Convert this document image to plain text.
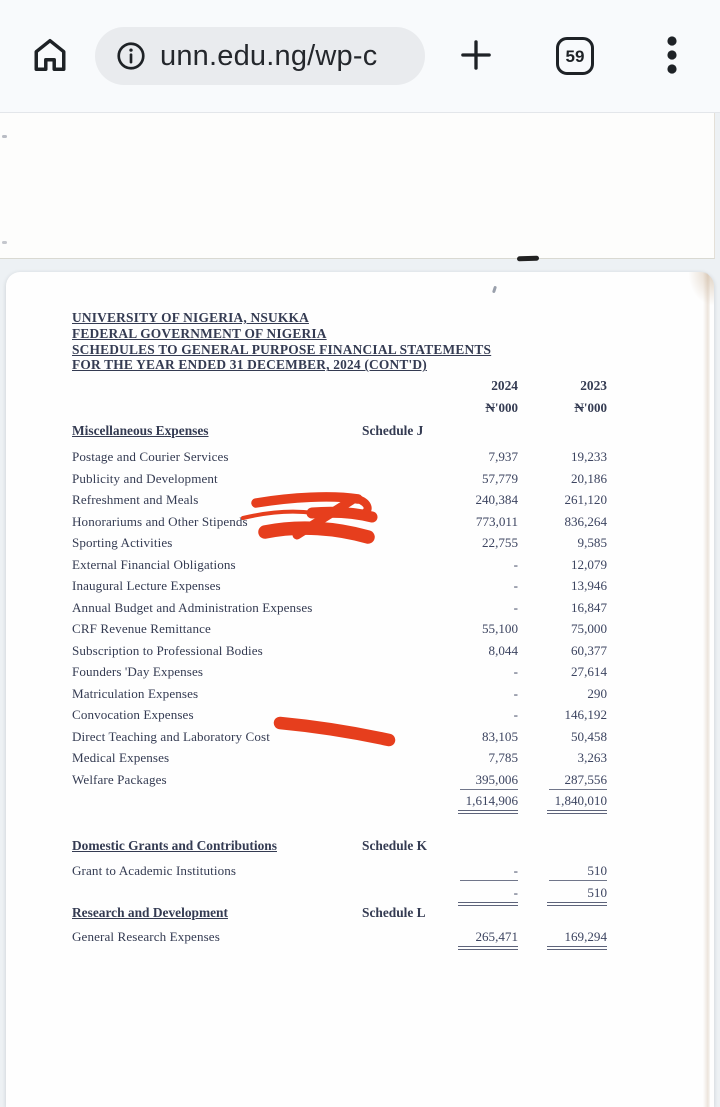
unn.edu.ng/wp-c	59
UNIVERSITY OF NIGERIA, NSUKKA
FEDERAL GOVERNMENT OF NIGERIA
SCHEDULES TO GENERAL PURPOSE FINANCIAL STATEMENTS
FOR THE YEAR ENDED 31 DECEMBER, 2024 (CONT'D)
2024	2023
N'000	N'000
Miscellaneous Expenses	Schedule J
Postage and Courier Services	7,937	19,233
Publicity and Development	57,779	20,186
Refreshment and Meals	240,384	261,120
Honorariums and Other Stipends	773,011	836,264
Sporting Activities	22,755	9,585
External Financial Obligations	-	12,079
Inaugural Lecture Expenses	-	13,946
Annual Budget and Administration Expenses	-	16,847
CRF Revenue Remittance	55,100	75,000
Subscription to Professional Bodies	8,044	60,377
Founders 'Day Expenses	-	27,614
Matriculation Expenses	-	290
Convocation Expenses	-	146,192
Direct Teaching and Laboratory Cost	83,105	50,458
Medical Expenses	7,785	3,263
Welfare Packages	395,006	287,556
1,614,906	1,840,010
Domestic Grants and Contributions	Schedule K
Grant to Academic Institutions	-	510
-	510
Research and Development	Schedule L
General Research Expenses	265,471	169,294
